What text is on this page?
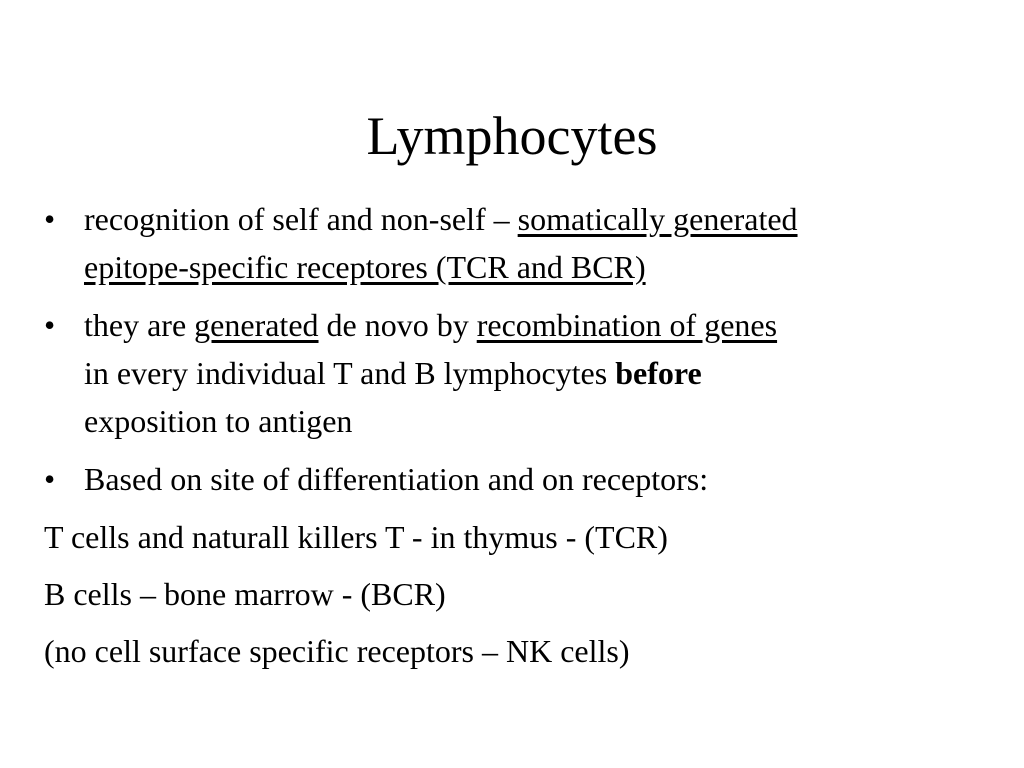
Lymphocytes
• recognition of self and non-self – somatically generated
epitope-specific receptores (TCR and BCR)
• they are generated de novo by recombination of genes
in every individual T and B lymphocytes before
exposition to antigen
• Based on site of differentiation and on receptors:

T cells and naturall killers T - in thymus - (TCR)

B cells – bone marrow - (BCR)

(no cell surface specific receptors – NK cells)
